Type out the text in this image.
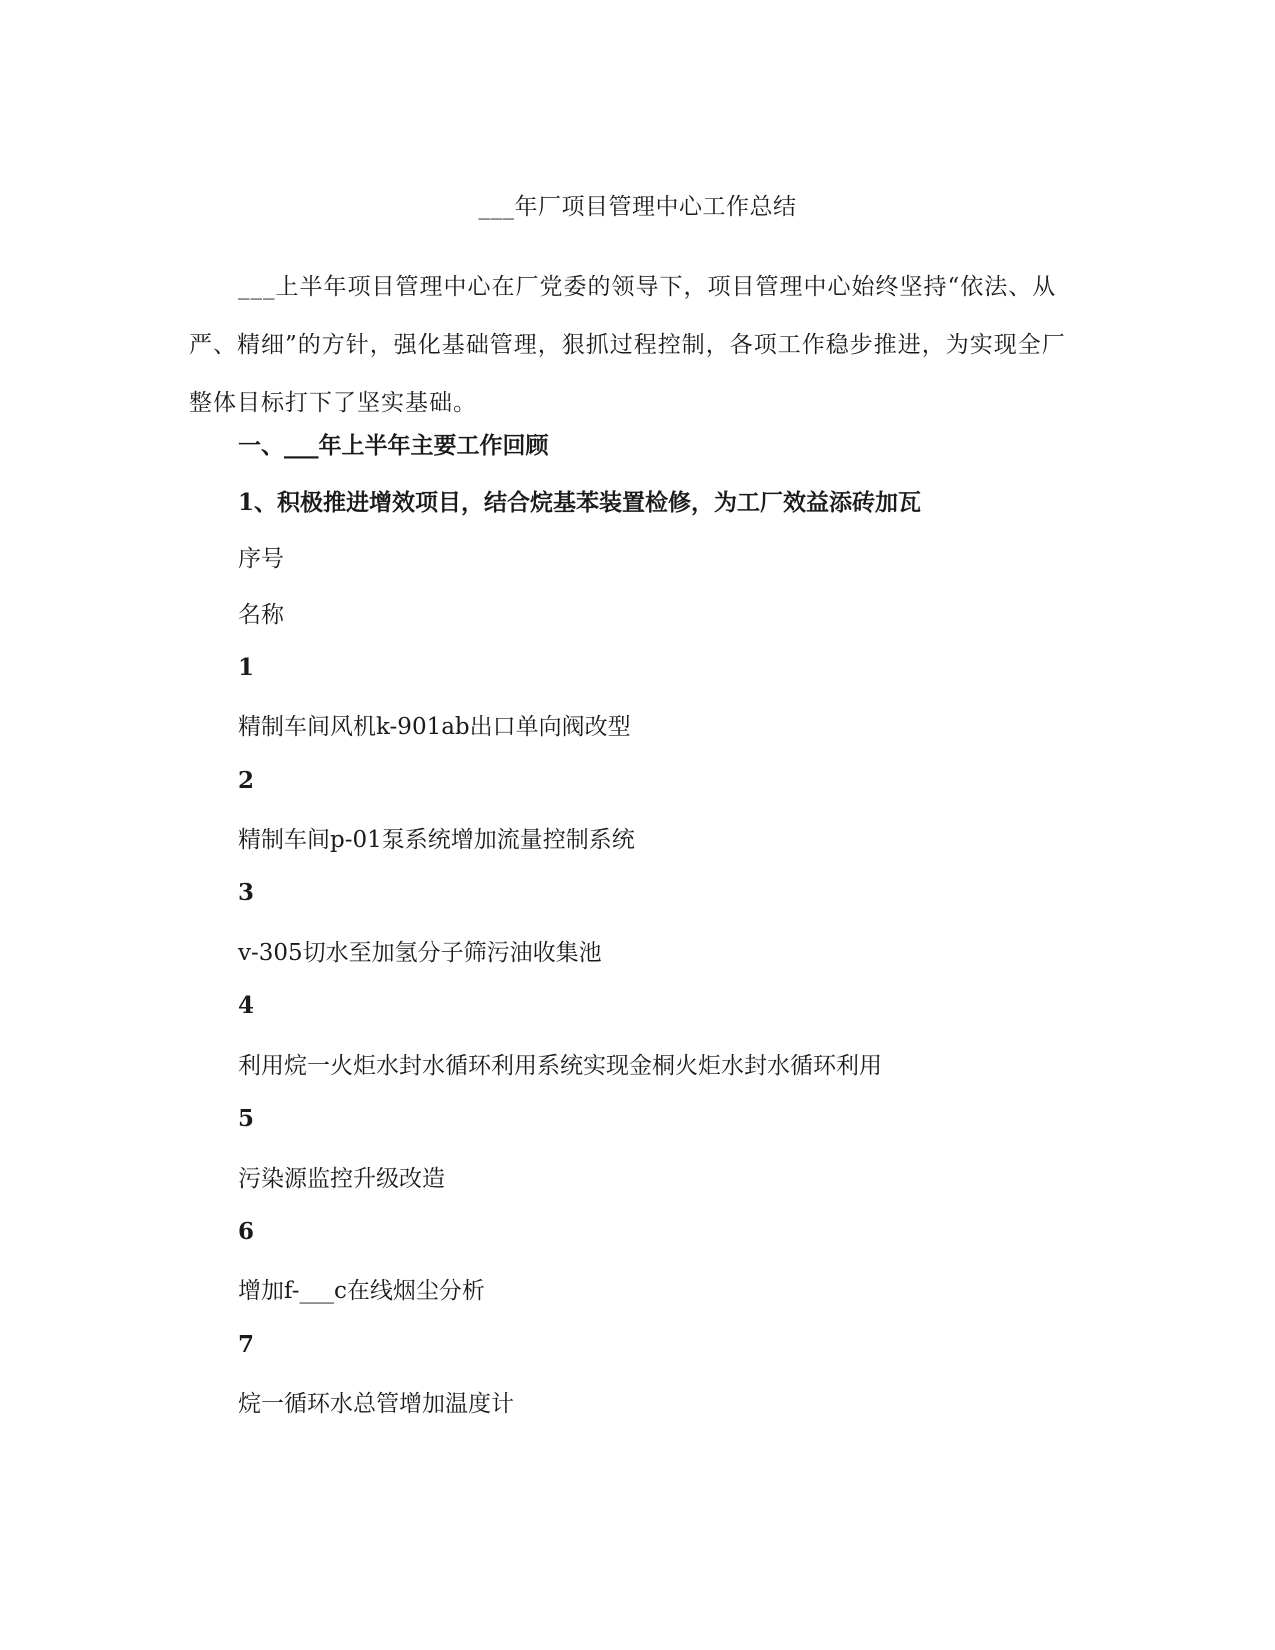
___年厂项目管理中心工作总结

___上半年项目管理中心在厂党委的领导下，项目管理中心始终坚持“依法、从严、精细”的方针，强化基础管理，狠抓过程控制，各项工作稳步推进，为实现全厂整体目标打下了坚实基础。

一、___年上半年主要工作回顾

1、积极推进增效项目，结合烷基苯装置检修，为工厂效益添砖加瓦

序号

名称

1

精制车间风机k-901ab出口单向阀改型

2

精制车间p-01泵系统增加流量控制系统

3

v-305切水至加氢分子筛污油收集池

4

利用烷一火炬水封水循环利用系统实现金桐火炬水封水循环利用

5

污染源监控升级改造

6

增加f-___c在线烟尘分析

7

烷一循环水总管增加温度计
